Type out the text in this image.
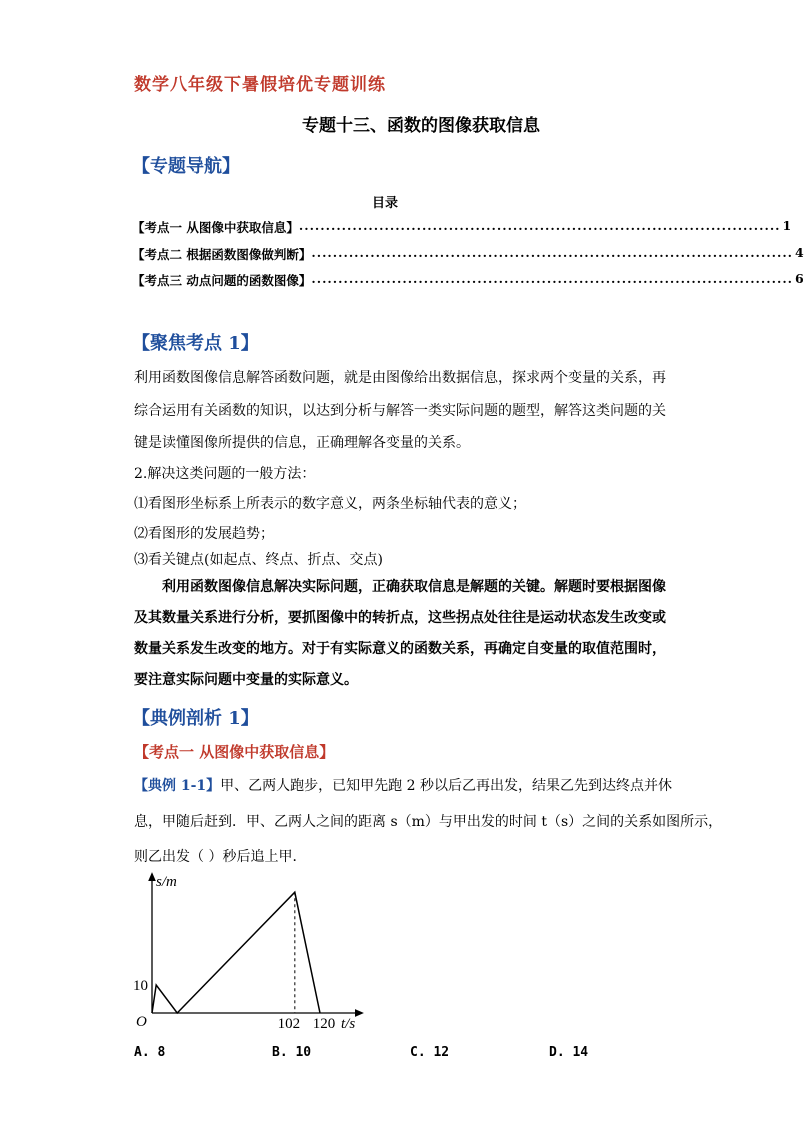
数学八年级下暑假培优专题训练
专题十三、函数的图像获取信息
【专题导航】
目录
【考点一 从图像中获取信息】 .......................................................................................... 1
【考点二 根据函数图像做判断】 .......................................................................................... 4
【考点三 动点问题的函数图像】 .......................................................................................... 6
【聚焦考点 1】
利用函数图像信息解答函数问题，就是由图像给出数据信息，探求两个变量的关系，再
综合运用有关函数的知识，以达到分析与解答一类实际问题的题型，解答这类问题的关
键是读懂图像所提供的信息，正确理解各变量的关系。
2.解决这类问题的一般方法：
⑴看图形坐标系上所表示的数字意义，两条坐标轴代表的意义；
⑵看图形的发展趋势；
⑶看关键点(如起点、终点、折点、交点)
利用函数图像信息解决实际问题，正确获取信息是解题的关键。解题时要根据图像
及其数量关系进行分析，要抓图像中的转折点，这些拐点处往往是运动状态发生改变或
数量关系发生改变的地方。对于有实际意义的函数关系，再确定自变量的取值范围时，
要注意实际问题中变量的实际意义。
【典例剖析 1】
【考点一 从图像中获取信息】
【典例 1-1】甲、乙两人跑步，已知甲先跑 2 秒以后乙再出发，结果乙先到达终点并休
息，甲随后赶到．甲、乙两人之间的距离 s（m）与甲出发的时间 t（s）之间的关系如图所示，
则乙出发（ ）秒后追上甲．
s/m
10
O	102 120 t/s
A. 8	B. 10	C. 12	D. 14
